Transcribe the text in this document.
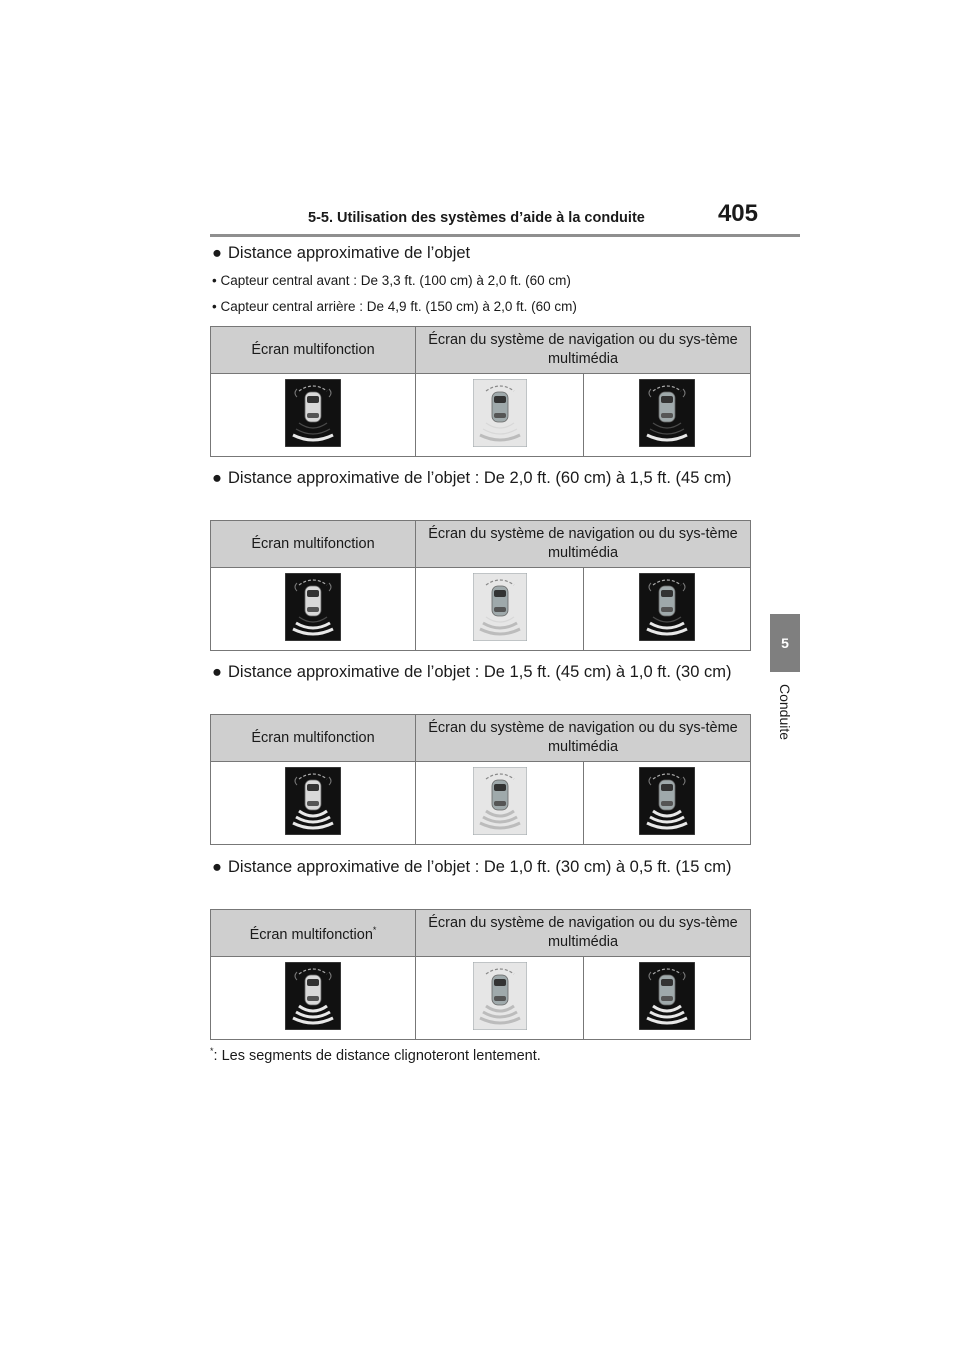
5-5. Utilisation des systèmes d’aide à la conduite	405
5
Conduite
● Distance approximative de l’objet
• Capteur central avant : De 3,3 ft. (100 cm) à 2,0 ft. (60 cm)
• Capteur central arrière : De 4,9 ft. (150 cm) à 2,0 ft. (60 cm)
Écran multifonction	Écran du système de navigation ou du sys-tème multimédia	

● Distance approximative de l’objet : De 2,0 ft. (60 cm) à 1,5 ft. (45 cm)
Écran multifonction	Écran du système de navigation ou du sys-tème multimédia	

● Distance approximative de l’objet : De 1,5 ft. (45 cm) à 1,0 ft. (30 cm)
Écran multifonction	Écran du système de navigation ou du sys-tème multimédia	

● Distance approximative de l’objet : De 1,0 ft. (30 cm) à 0,5 ft. (15 cm)
Écran multifonction*	Écran du système de navigation ou du sys-tème multimédia	

*: Les segments de distance clignoteront lentement.
